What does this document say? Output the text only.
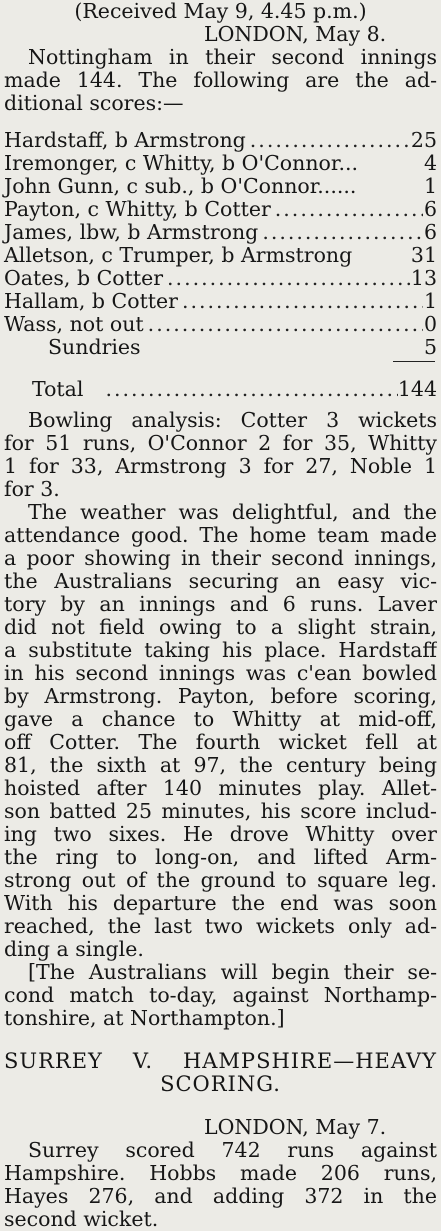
(Received May 9, 4.45 p.m.)
LONDON, May 8.
Nottingham in their second innings
made 144. The following are the ad-
ditional scores:—
Hardstaff, b Armstrong .....	25
Iremonger, c Whitty, b O'Connor...	4
John Gunn, c sub., b O'Connor......	1
Payton, c Whitty, b Cotter .....	6
James, lbw, b Armstrong .....	6
Alletson, c Trumper, b Armstrong	31
Oates, b Cotter .....	13
Hallam, b Cotter .....	1
Wass, not out .....	0
Sundries	5
Total .....	144
Bowling analysis: Cotter 3 wickets
for 51 runs, O'Connor 2 for 35, Whitty
1 for 33, Armstrong 3 for 27, Noble 1
for 3.
The weather was delightful, and the
attendance good. The home team made
a poor showing in their second innings,
the Australians securing an easy vic-
tory by an innings and 6 runs. Laver
did not field owing to a slight strain,
a substitute taking his place. Hardstaff
in his second innings was c'ean bowled
by Armstrong. Payton, before scoring,
gave a chance to Whitty at mid-off,
off Cotter. The fourth wicket fell at
81, the sixth at 97, the century being
hoisted after 140 minutes play. Allet-
son batted 25 minutes, his score includ-
ing two sixes. He drove Whitty over
the ring to long-on, and lifted Arm-
strong out of the ground to square leg.
With his departure the end was soon
reached, the last two wickets only ad-
ding a single.
[The Australians will begin their se-
cond match to-day, against Northamp-
tonshire, at Northampton.]
SURREY V. HAMPSHIRE—HEAVY
SCORING.
LONDON, May 7.
Surrey scored 742 runs against
Hampshire. Hobbs made 206 runs,
Hayes 276, and adding 372 in the
second wicket.
